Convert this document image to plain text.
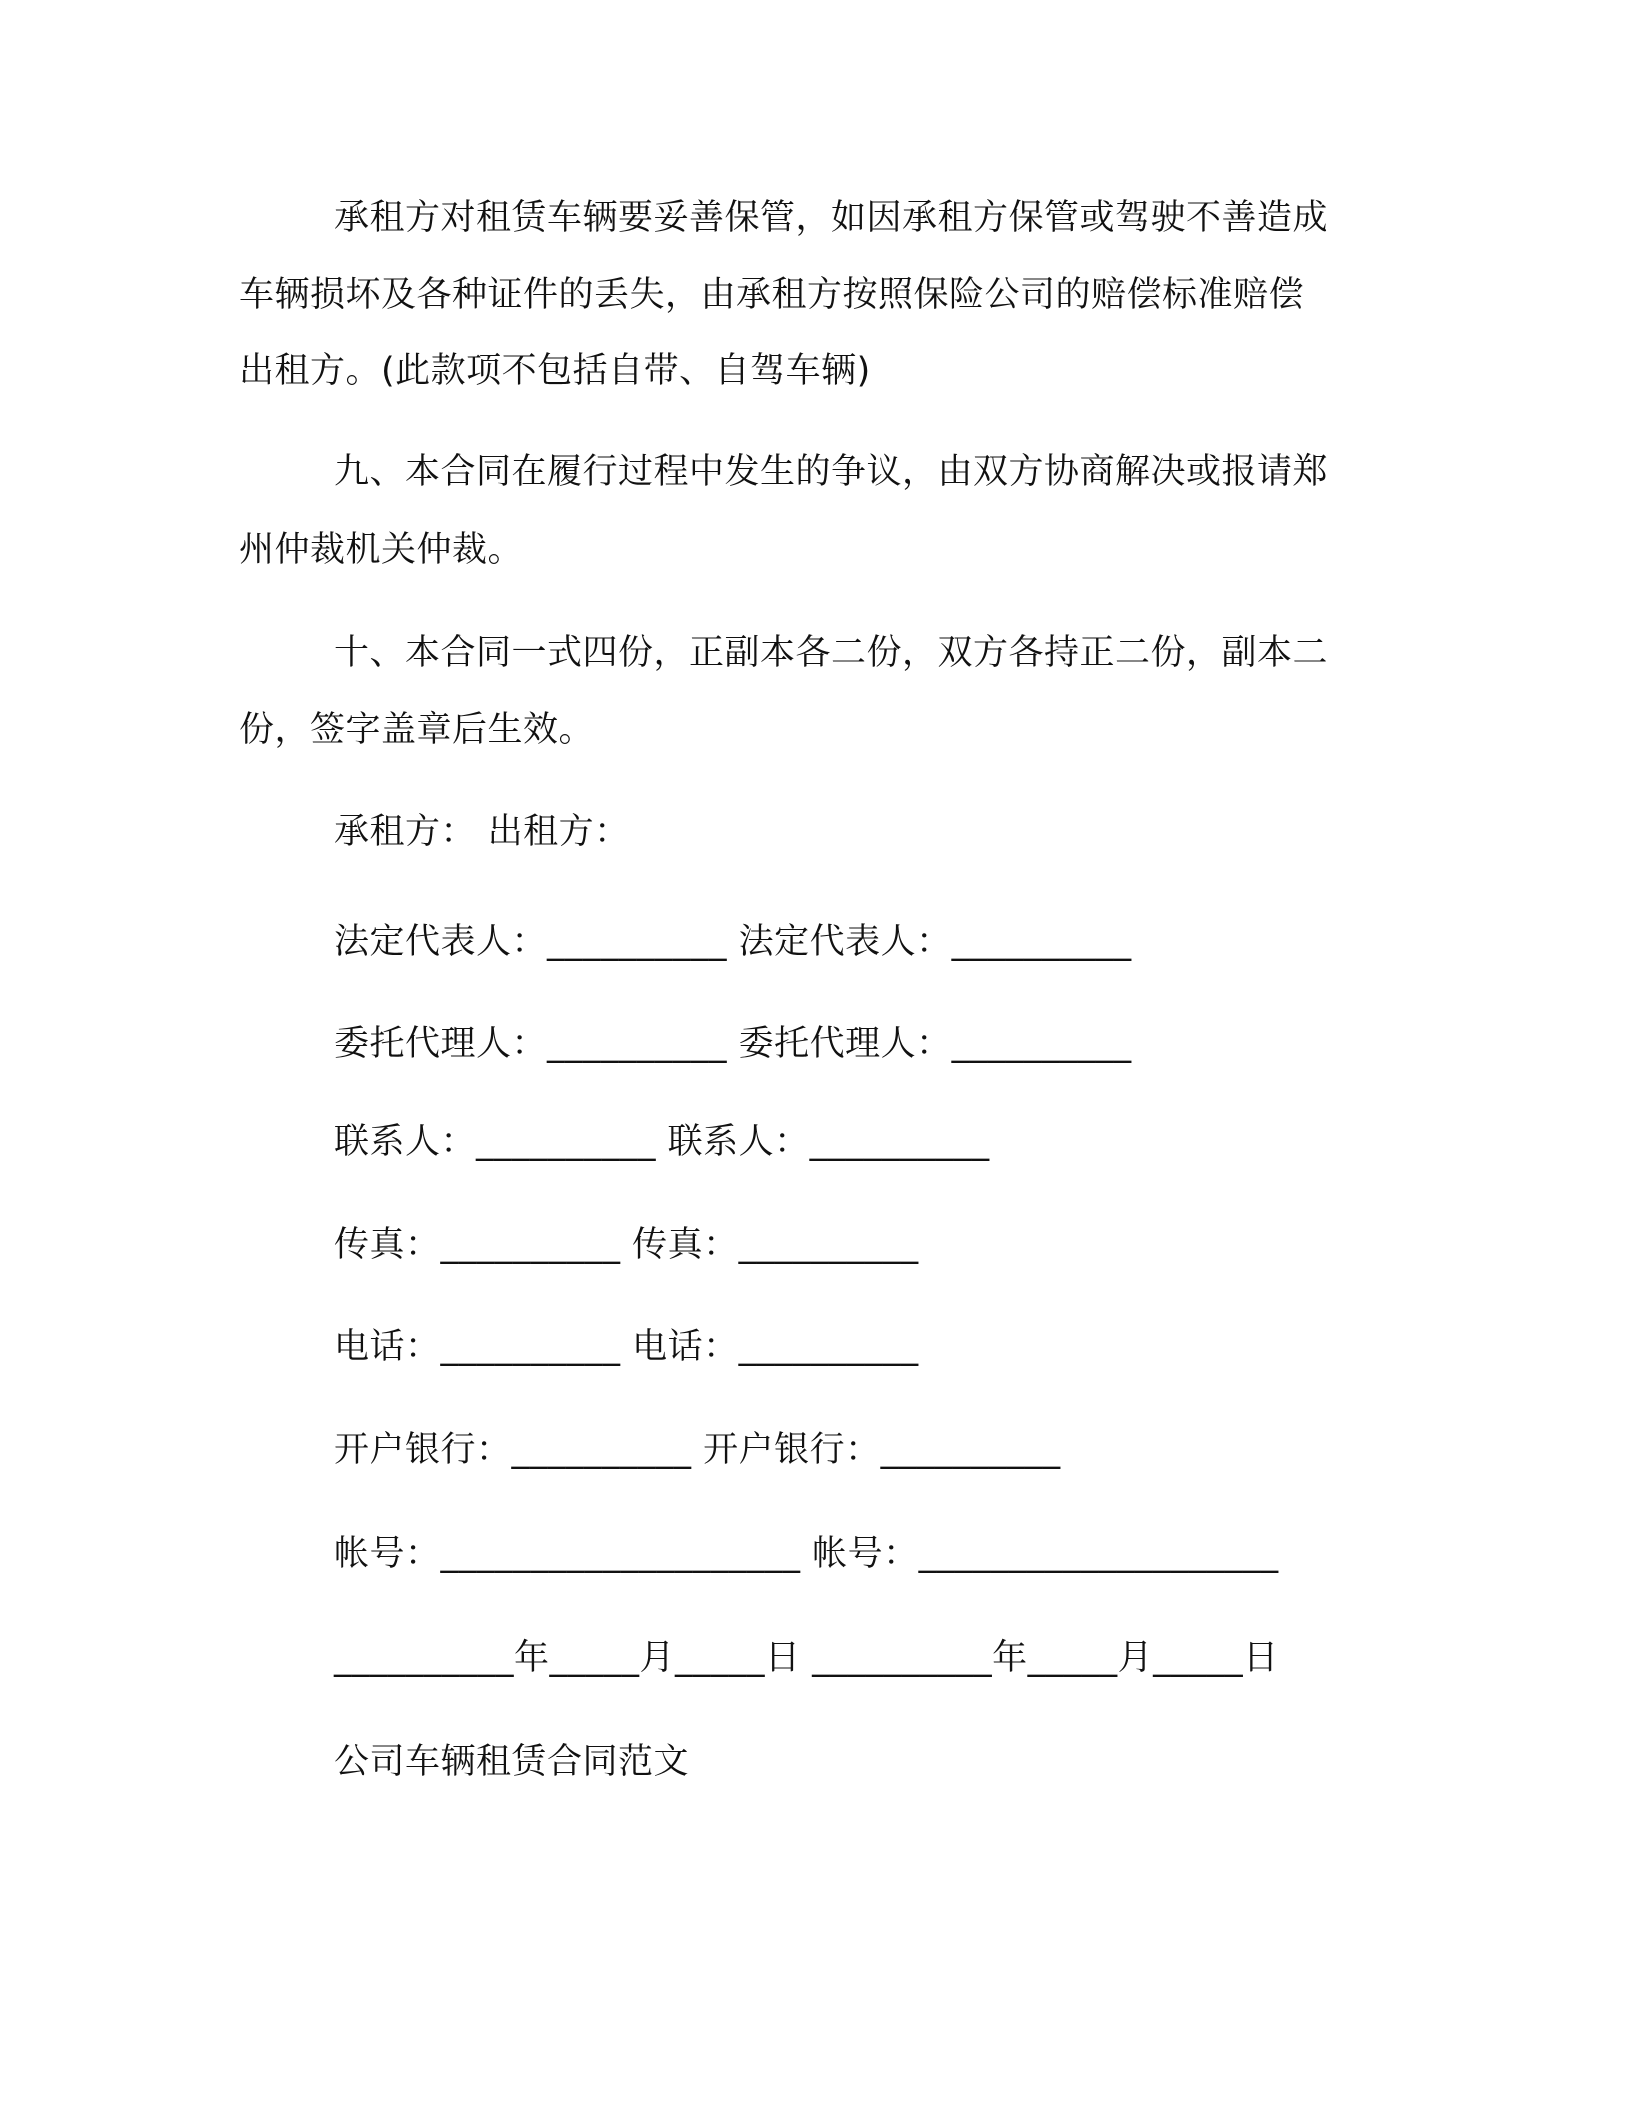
承租方对租赁车辆要妥善保管，如因承租方保管或驾驶不善造成
车辆损坏及各种证件的丢失，由承租方按照保险公司的赔偿标准赔偿
出租方。(此款项不包括自带、自驾车辆)
九、本合同在履行过程中发生的争议，由双方协商解决或报请郑
州仲裁机关仲裁。
十、本合同一式四份，正副本各二份，双方各持正二份，副本二
份，签字盖章后生效。
承租方： 出租方：
法定代表人：__________ 法定代表人：__________
委托代理人：__________ 委托代理人：__________
联系人：__________ 联系人：__________
传真：__________ 传真：__________
电话：__________ 电话：__________
开户银行：__________ 开户银行：__________
帐号：____________________ 帐号：____________________
__________年_____月_____日 __________年_____月_____日
公司车辆租赁合同范文
